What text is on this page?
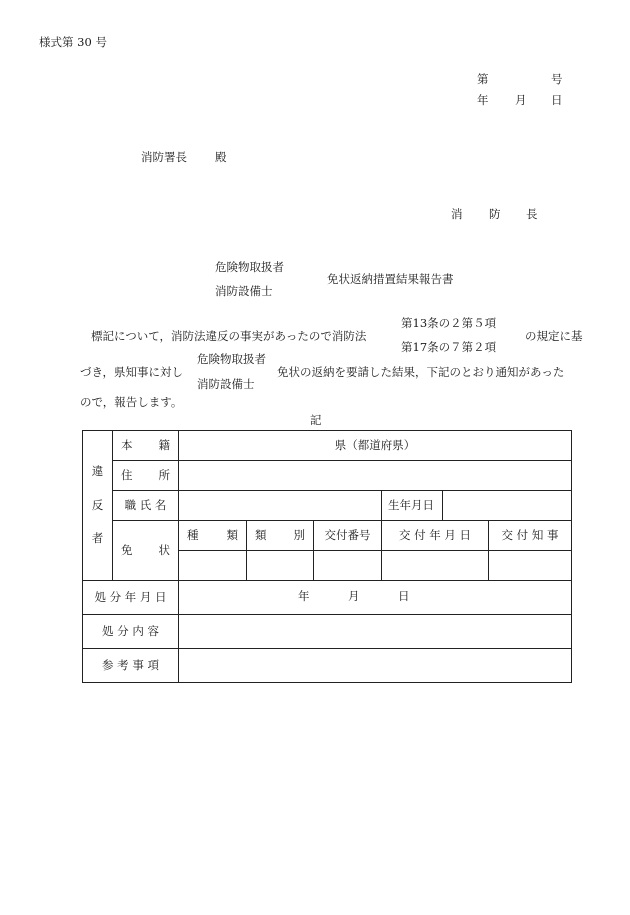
様式第 30 号
第	号
年 月 日
消防署長 殿
消 防 長
危険物取扱者
消防設備士
免状返納措置結果報告書
第13条の２第５項
標記について，消防法違反の事実があったので消防法	の規定に基
第17条の７第２項
危険物取扱者
づき，県知事に対し	免状の返納を要請した結果，下記のとおり通知があった
消防設備士
ので，報告します。
記
違
反
者	本 籍	県（都道府県）					

	住 所						

	職 氏 名				生年月日		

	免 状	種 類	類 別	交付番号	交 付 年 月 日		交 付 知 事

処 分 年 月 日		年 月 日					

処 分 内 容							
参 考 事 項							
